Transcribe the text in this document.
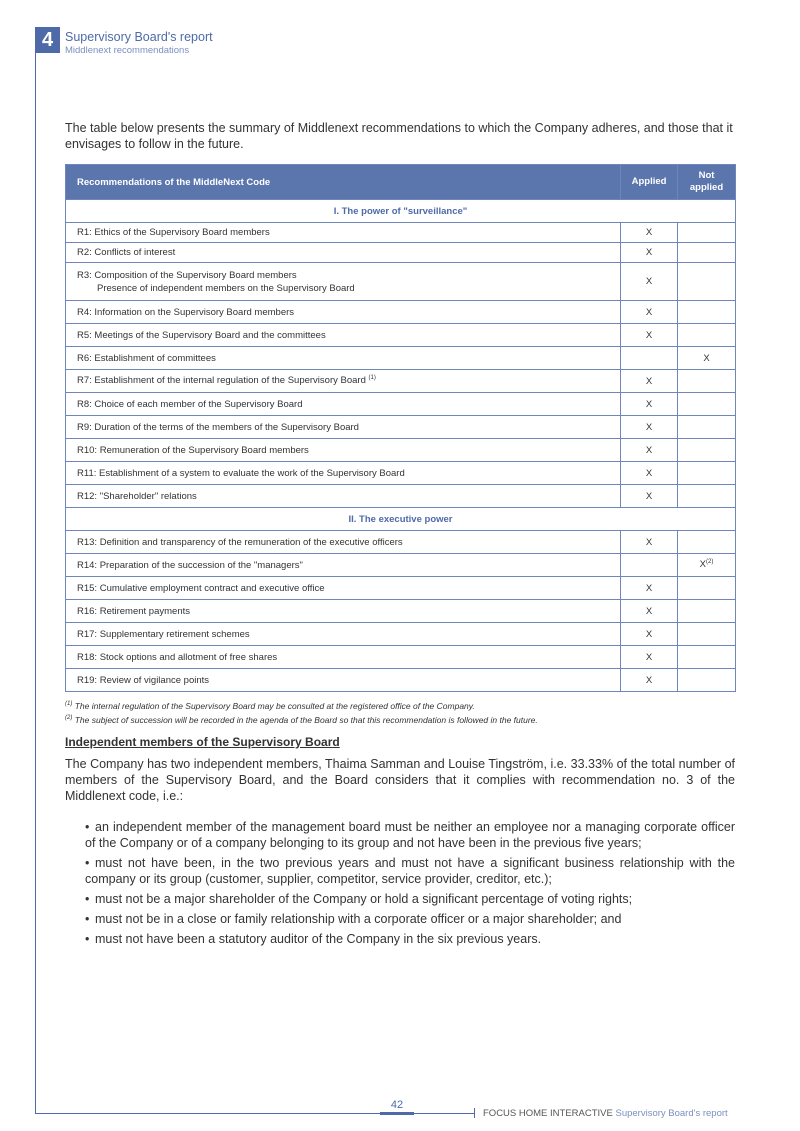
4 Supervisory Board's report
Middlenext recommendations

The table below presents the summary of Middlenext recommendations to which the Company adheres, and those that it envisages to follow in the future.

Recommendations of the MiddleNext Code	Applied	Not
applied
I. The power of "surveillance"		
R1: Ethics of the Supervisory Board members	X	
R2: Conflicts of interest	X	
R3: Composition of the Supervisory Board members
Presence of independent members on the Supervisory Board	X	
R4: Information on the Supervisory Board members	X	
R5: Meetings of the Supervisory Board and the committees	X	
R6: Establishment of committees		X
R7: Establishment of the internal regulation of the Supervisory Board $^{(1)}$	X	
R8: Choice of each member of the Supervisory Board	X	
R9: Duration of the terms of the members of the Supervisory Board	X	
R10: Remuneration of the Supervisory Board members	X	
R11: Establishment of a system to evaluate the work of the Supervisory Board	X	
R12: "Shareholder" relations	X	
II. The executive power		
R13: Definition and transparency of the remuneration of the executive officers	X	
R14: Preparation of the succession of the "managers"		$X^{(2)}$
R15: Cumulative employment contract and executive office	X	
R16: Retirement payments	X	
R17: Supplementary retirement schemes	X	
R18: Stock options and allotment of free shares	X	
R19: Review of vigilance points	X	
$^{(1)}$ The internal regulation of the Supervisory Board may be consulted at the registered office of the Company.
$^{(2)}$ The subject of succession will be recorded in the agenda of the Board so that this recommendation is followed in the future.
Independent members of the Supervisory Board

The Company has two independent members, Thaima Samman and Louise Tingström, i.e. 33.33% of the total number of members of the Supervisory Board, and the Board considers that it complies with recommendation no. 3 of the Middlenext code, i.e.:

• an independent member of the management board must be neither an employee nor a managing corporate officer of the Company or of a company belonging to its group and not have been in the previous five years;
• must not have been, in the two previous years and must not have a significant business relationship with the company or its group (customer, supplier, competitor, service provider, creditor, etc.);
• must not be a major shareholder of the Company or hold a significant percentage of voting rights;
• must not be in a close or family relationship with a corporate officer or a major shareholder; and
• must not have been a statutory auditor of the Company in the six previous years.
42
FOCUS HOME INTERACTIVE Supervisory Board's report
